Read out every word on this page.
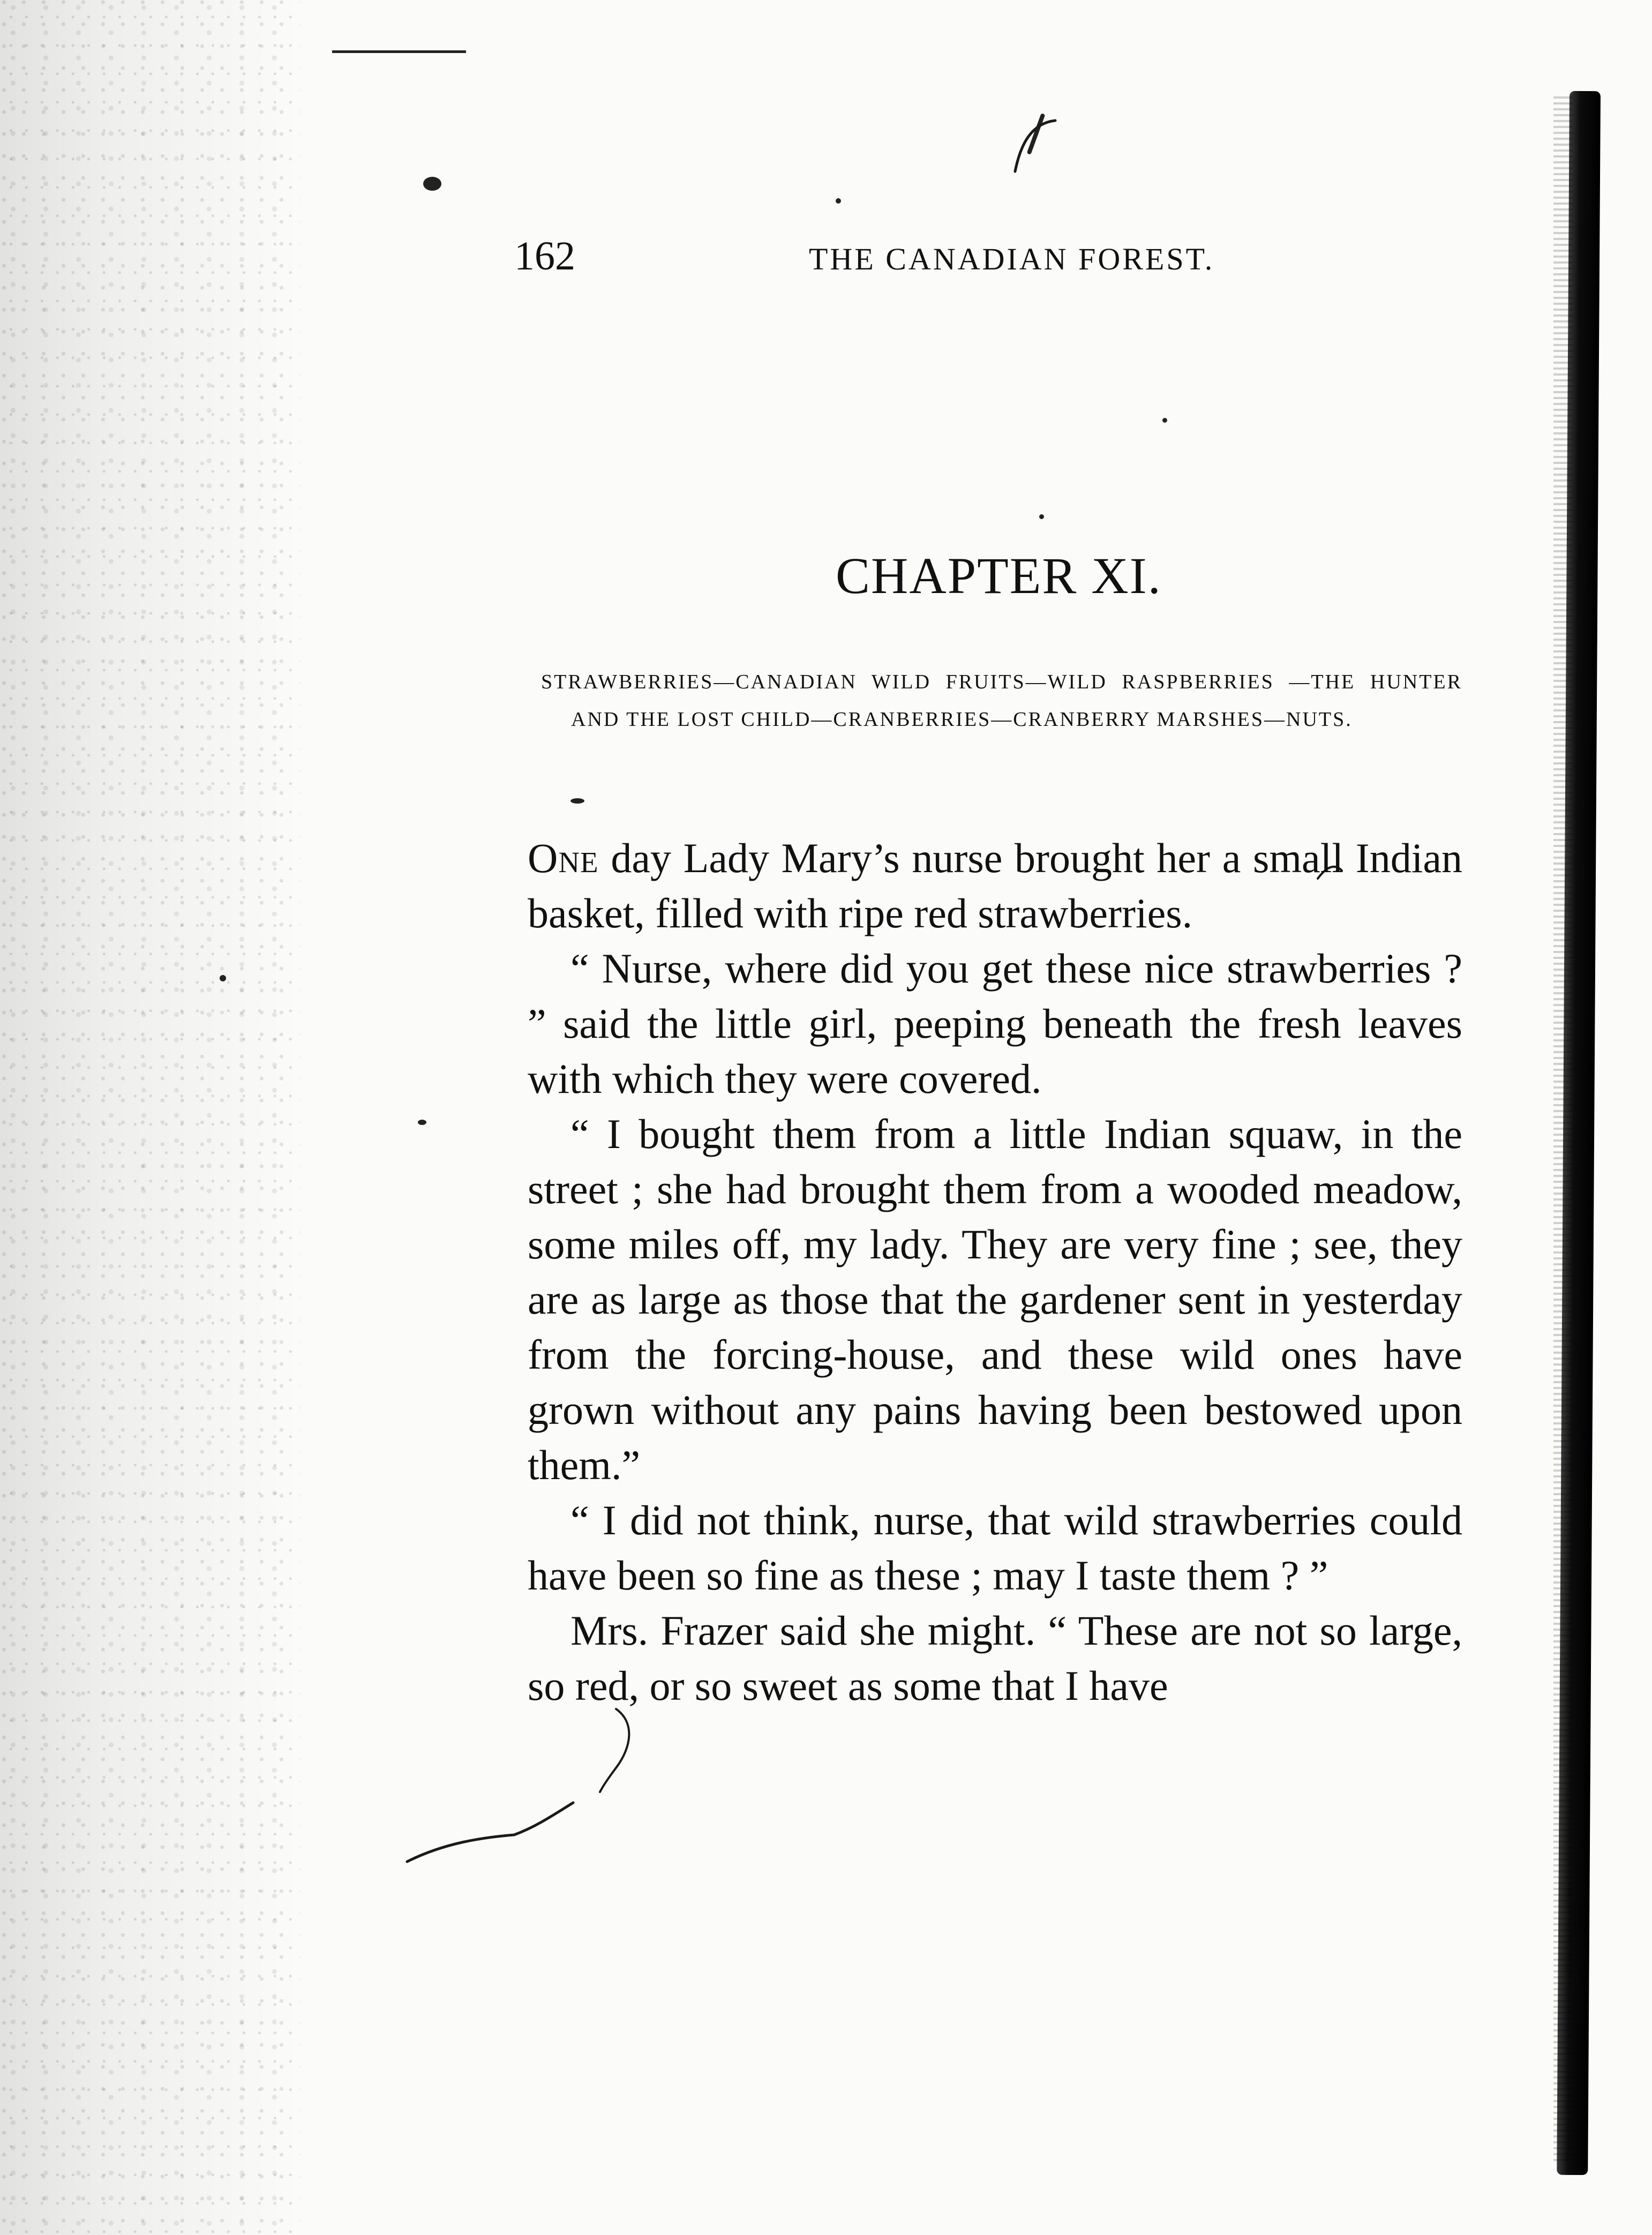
162	THE CANADIAN FOREST.
CHAPTER XI.
STRAWBERRIES—CANADIAN WILD FRUITS—WILD RASPBERRIES —THE HUNTER AND THE LOST CHILD—CRANBERRIES—CRANBERRY MARSHES—NUTS.

One day Lady Mary’s nurse brought her a small Indian basket, filled with ripe red strawberries.

“ Nurse, where did you get these nice strawberries ? ” said the little girl, peeping beneath the fresh leaves with which they were covered.

“ I bought them from a little Indian squaw, in the street ; she had brought them from a wooded meadow, some miles off, my lady. They are very fine ; see, they are as large as those that the gardener sent in yesterday from the forcing-house, and these wild ones have grown without any pains having been bestowed upon them.”

“ I did not think, nurse, that wild strawberries could have been so fine as these ; may I taste them ? ”

Mrs. Frazer said she might. “ These are not so large, so red, or so sweet as some that I have
